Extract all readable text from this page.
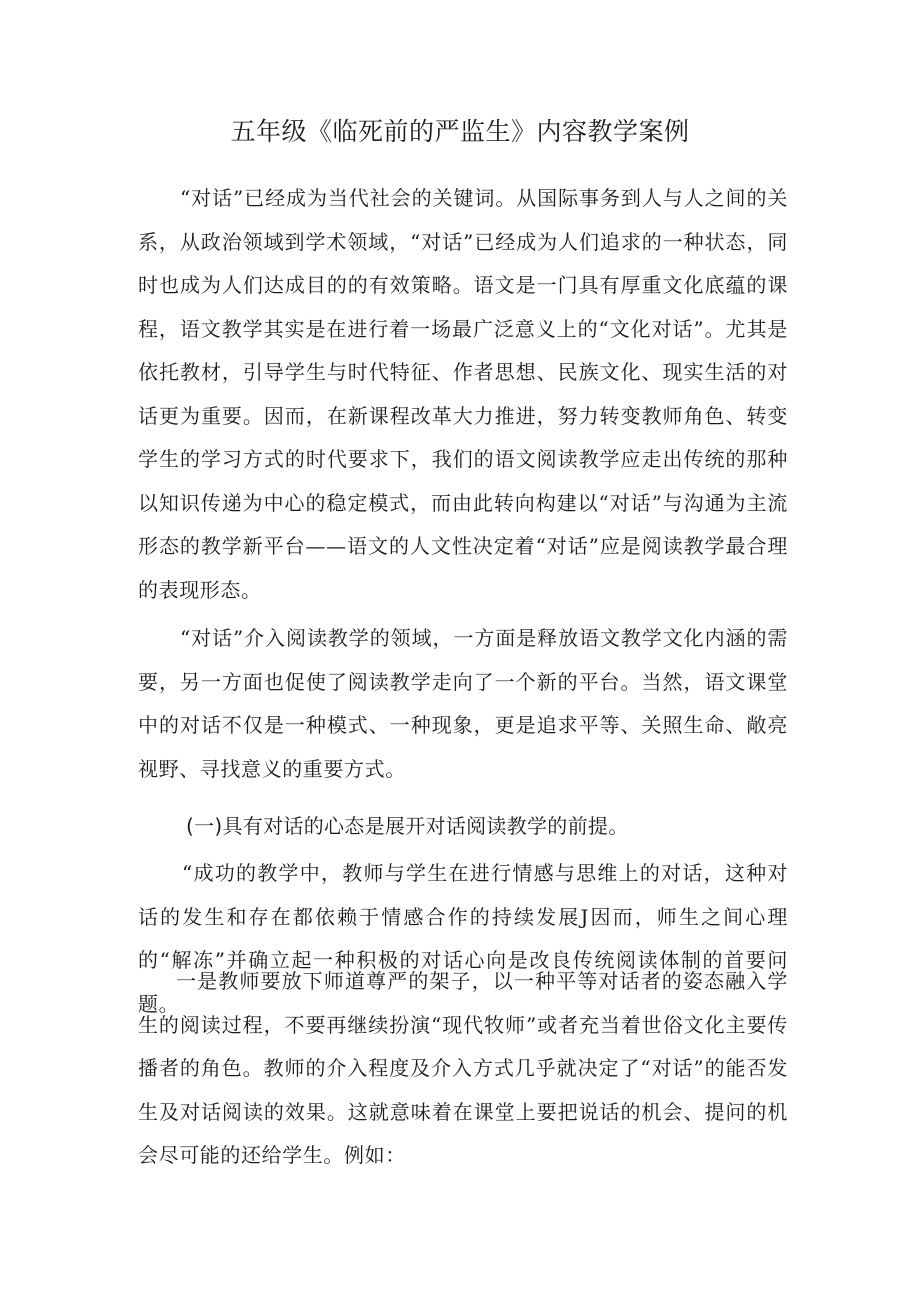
五年级《临死前的严监生》内容教学案例

“对话”已经成为当代社会的关键词。从国际事务到人与人之间的关系，从政治领域到学术领域，“对话”已经成为人们追求的一种状态，同时也成为人们达成目的的有效策略。语文是一门具有厚重文化底蕴的课程，语文教学其实是在进行着一场最广泛意义上的“文化对话”。尤其是依托教材，引导学生与时代特征、作者思想、民族文化、现实生活的对话更为重要。因而，在新课程改革大力推进，努力转变教师角色、转变学生的学习方式的时代要求下，我们的语文阅读教学应走出传统的那种以知识传递为中心的稳定模式，而由此转向构建以“对话”与沟通为主流形态的教学新平台——语文的人文性决定着“对话”应是阅读教学最合理的表现形态。

“对话”介入阅读教学的领域，一方面是释放语文教学文化内涵的需要，另一方面也促使了阅读教学走向了一个新的平台。当然，语文课堂中的对话不仅是一种模式、一种现象，更是追求平等、关照生命、敞亮视野、寻找意义的重要方式。

(一)具有对话的心态是展开对话阅读教学的前提。

“成功的教学中，教师与学生在进行情感与思维上的对话，这种对话的发生和存在都依赖于情感合作的持续发展J因而，师生之间心理的“解冻”并确立起一种积极的对话心向是改良传统阅读体制的首要问题。

一是教师要放下师道尊严的架子，以一种平等对话者的姿态融入学生的阅读过程，不要再继续扮演“现代牧师”或者充当着世俗文化主要传播者的角色。教师的介入程度及介入方式几乎就决定了“对话”的能否发生及对话阅读的效果。这就意味着在课堂上要把说话的机会、提问的机会尽可能的还给学生。例如：
